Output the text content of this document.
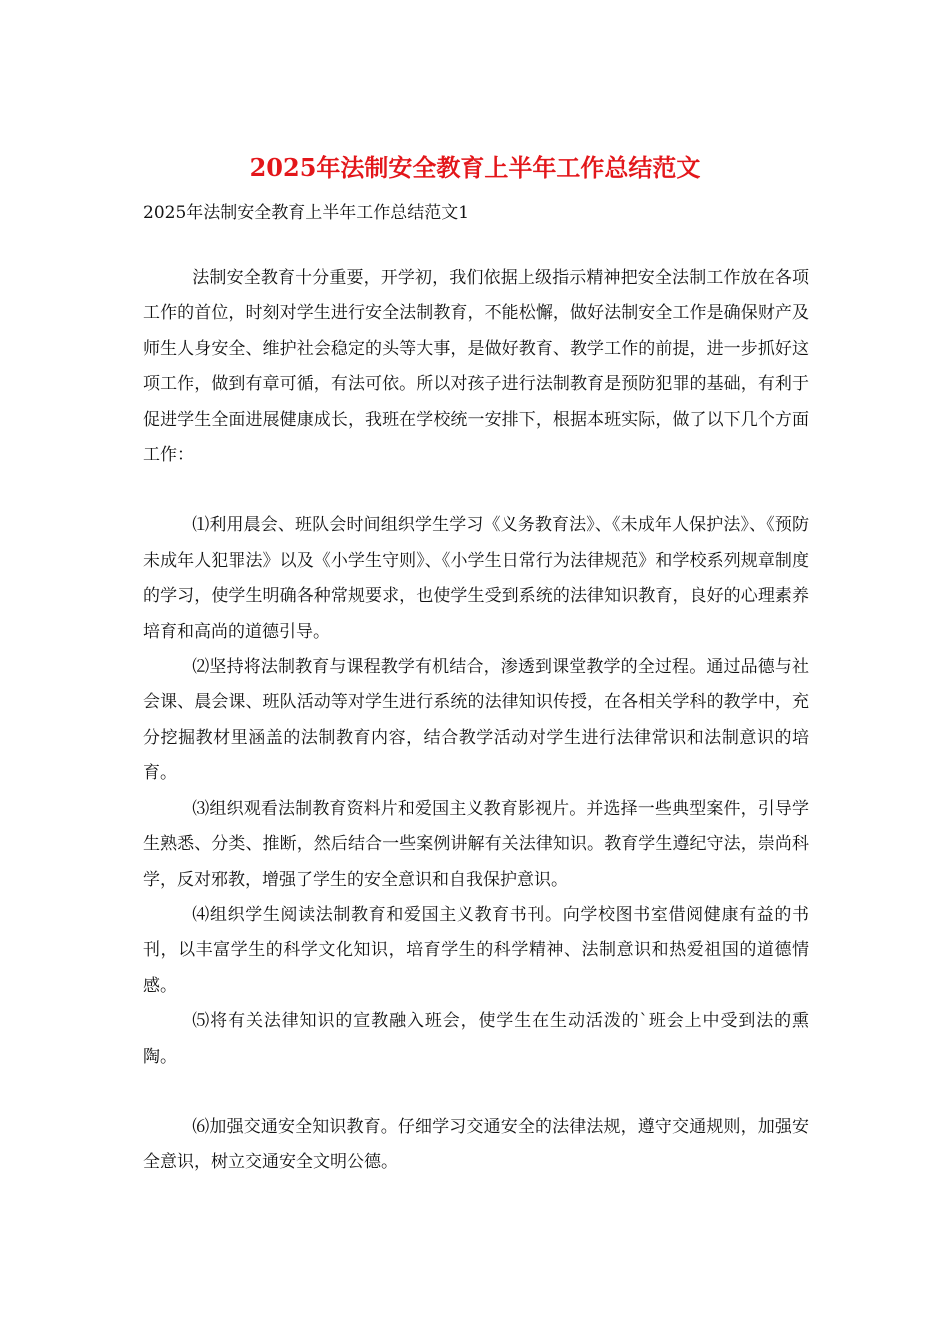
2025年法制安全教育上半年工作总结范文

2025年法制安全教育上半年工作总结范文1

法制安全教育十分重要，开学初，我们依据上级指示精神把安全法制工作放在各项工作的首位，时刻对学生进行安全法制教育，不能松懈，做好法制安全工作是确保财产及师生人身安全、维护社会稳定的头等大事，是做好教育、教学工作的前提，进一步抓好这项工作，做到有章可循，有法可依。所以对孩子进行法制教育是预防犯罪的基础，有利于促进学生全面进展健康成长，我班在学校统一安排下，根据本班实际，做了以下几个方面工作：

⑴利用晨会、班队会时间组织学生学习《义务教育法》、《未成年人保护法》、《预防未成年人犯罪法》以及《小学生守则》、《小学生日常行为法律规范》和学校系列规章制度的学习，使学生明确各种常规要求，也使学生受到系统的法律知识教育，良好的心理素养培育和高尚的道德引导。

⑵坚持将法制教育与课程教学有机结合，渗透到课堂教学的全过程。通过品德与社会课、晨会课、班队活动等对学生进行系统的法律知识传授，在各相关学科的教学中，充分挖掘教材里涵盖的法制教育内容，结合教学活动对学生进行法律常识和法制意识的培育。

⑶组织观看法制教育资料片和爱国主义教育影视片。并选择一些典型案件，引导学生熟悉、分类、推断，然后结合一些案例讲解有关法律知识。教育学生遵纪守法，崇尚科学，反对邪教，增强了学生的安全意识和自我保护意识。

⑷组织学生阅读法制教育和爱国主义教育书刊。向学校图书室借阅健康有益的书刊，以丰富学生的科学文化知识，培育学生的科学精神、法制意识和热爱祖国的道德情感。

⑸将有关法律知识的宣教融入班会，使学生在生动活泼的`班会上中受到法的熏陶。

⑹加强交通安全知识教育。仔细学习交通安全的法律法规，遵守交通规则，加强安全意识，树立交通安全文明公德。
